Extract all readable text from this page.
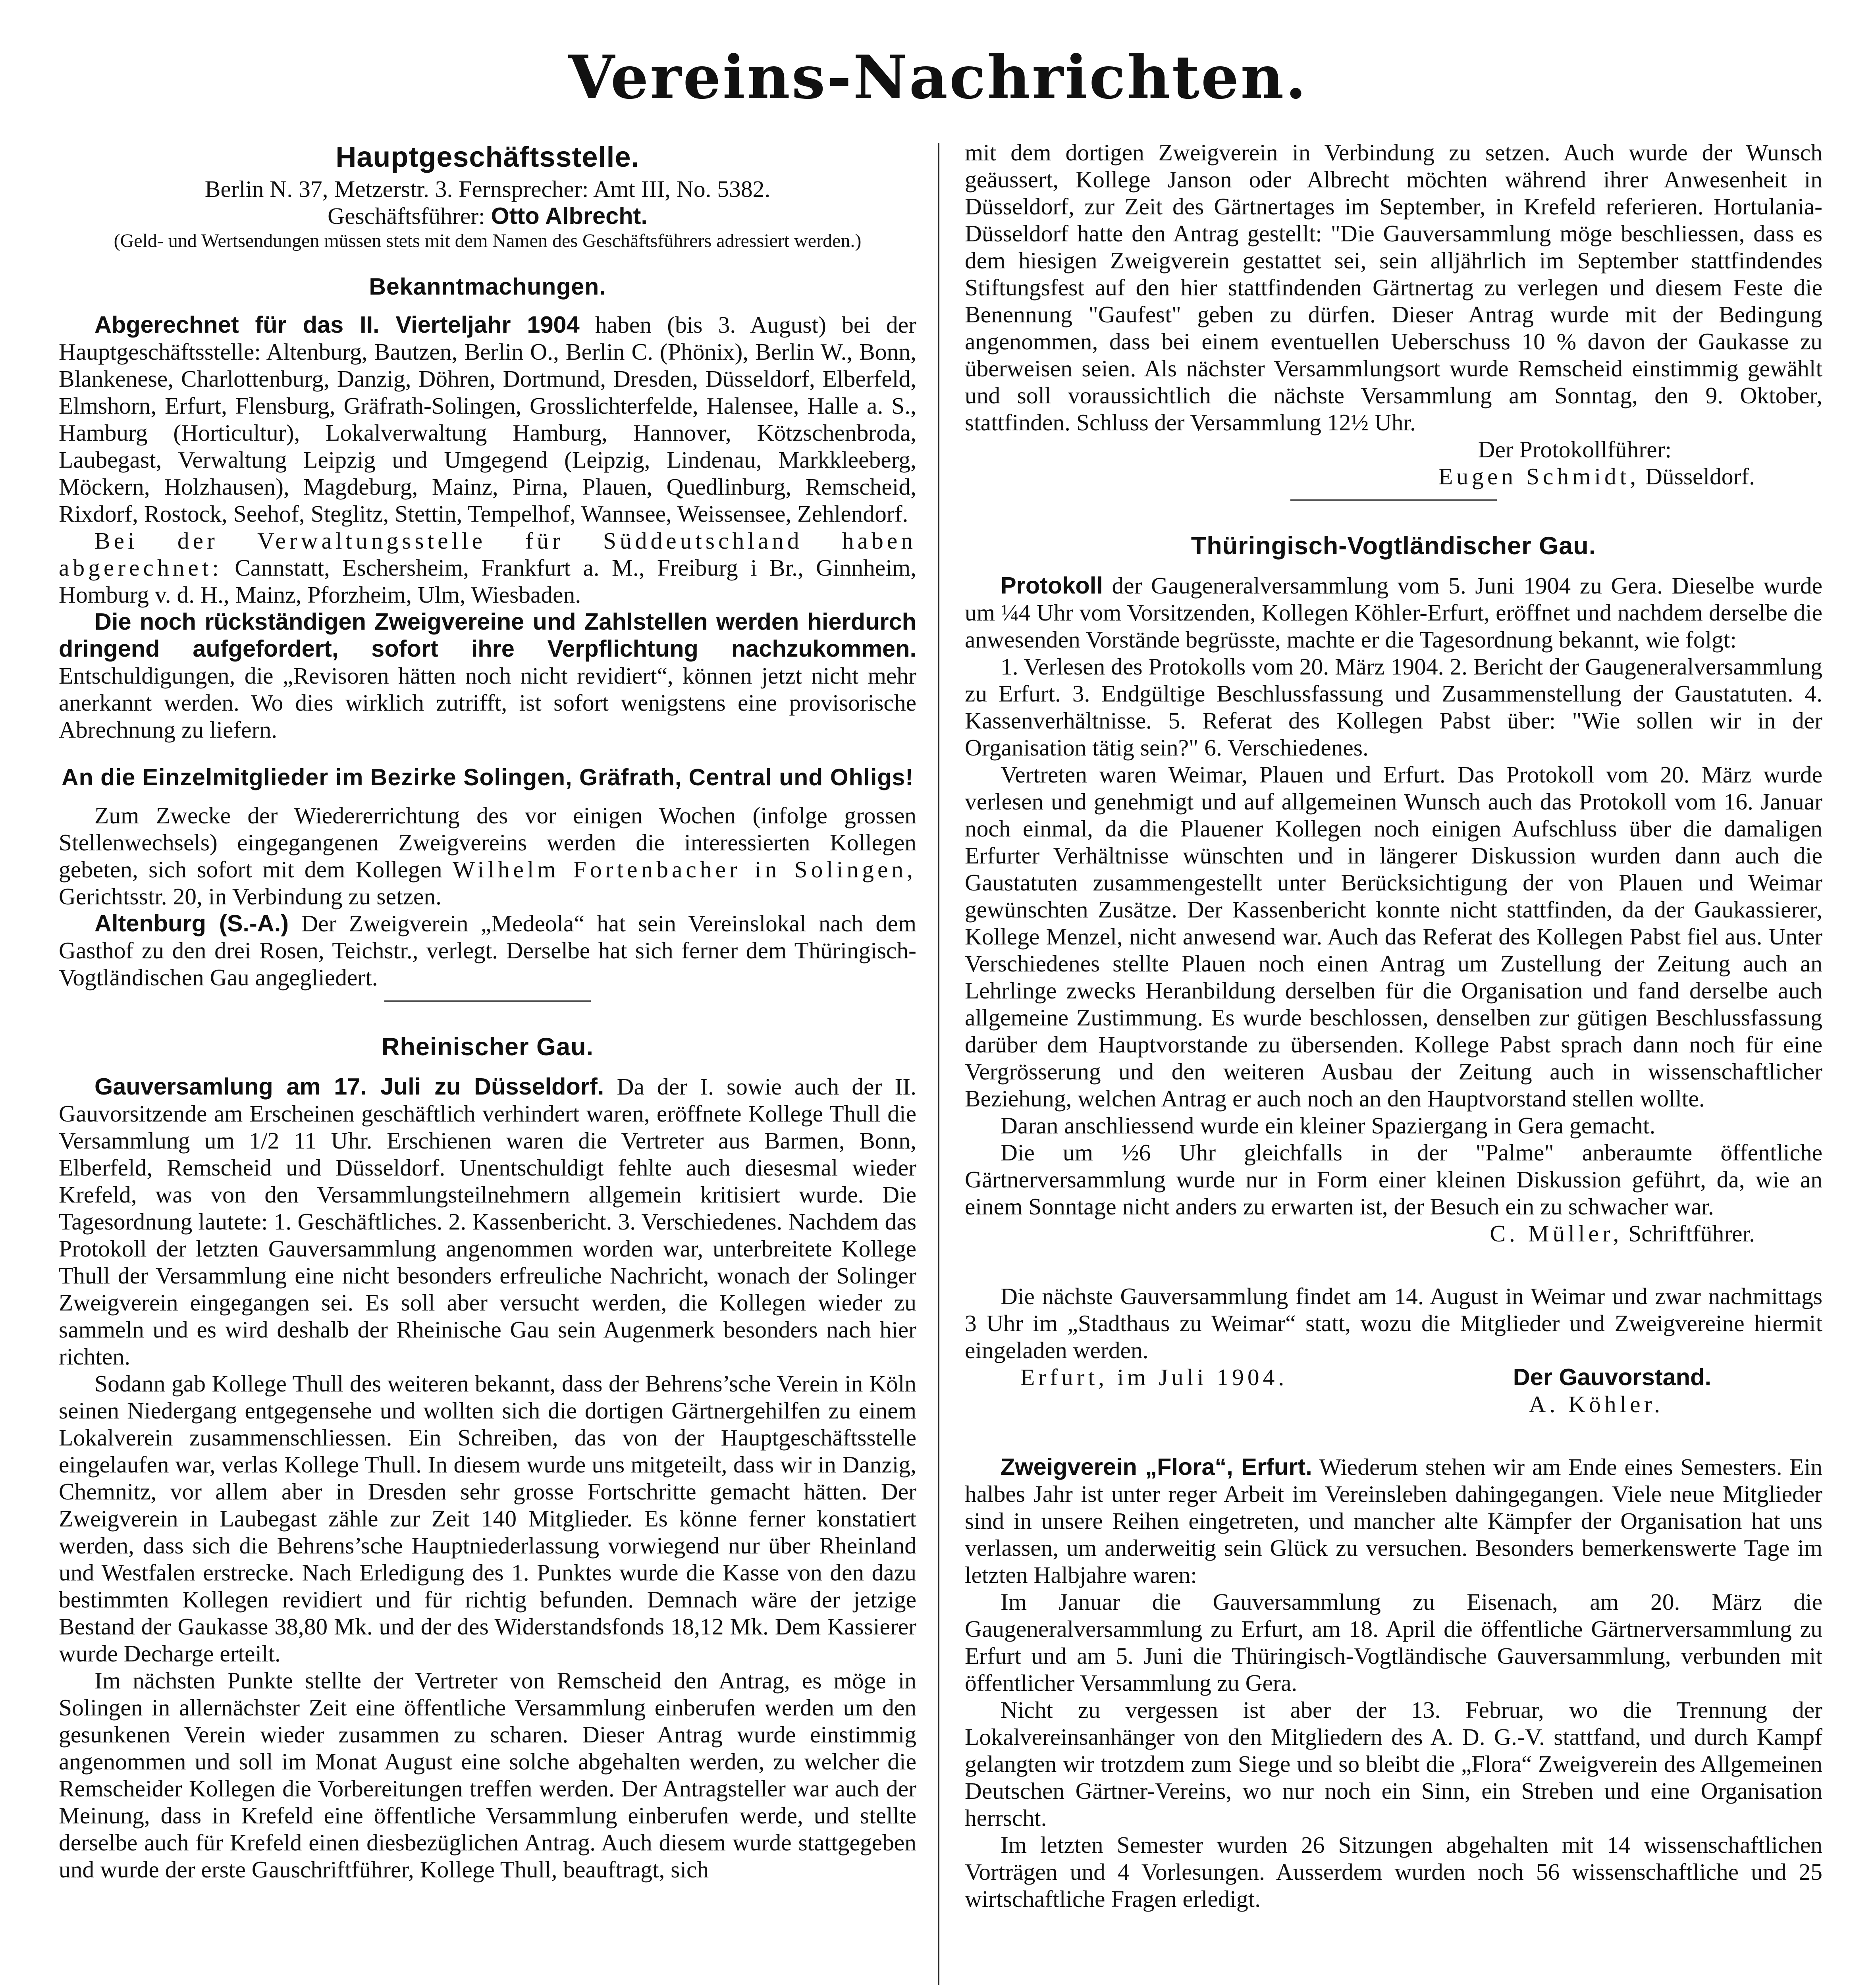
Vereins-Nachrichten.
Hauptgeschäftsstelle.

Berlin N. 37, Metzerstr. 3. Fernsprecher: Amt III, No. 5382.

Geschäftsführer: Otto Albrecht.

(Geld- und Wertsendungen müssen stets mit dem Namen des Geschäftsführers adressiert werden.)

Bekanntmachungen.

Abgerechnet für das II. Vierteljahr 1904 haben (bis 3. August) bei der Hauptgeschäftsstelle: Altenburg, Bautzen, Berlin O., Berlin C. (Phönix), Berlin W., Bonn, Blankenese, Charlottenburg, Danzig, Döhren, Dortmund, Dresden, Düsseldorf, Elberfeld, Elmshorn, Erfurt, Flensburg, Gräfrath-Solingen, Grosslichterfelde, Halensee, Halle a. S., Hamburg (Horticultur), Lokalverwaltung Hamburg, Hannover, Kötzschenbroda, Laubegast, Verwaltung Leipzig und Umgegend (Leipzig, Lindenau, Markkleeberg, Möckern, Holzhausen), Magdeburg, Mainz, Pirna, Plauen, Quedlinburg, Remscheid, Rixdorf, Rostock, Seehof, Steglitz, Stettin, Tempelhof, Wannsee, Weissensee, Zehlendorf.

Bei der Verwaltungsstelle für Süddeutschland haben abgerechnet: Cannstatt, Eschersheim, Frankfurt a. M., Freiburg i Br., Ginnheim, Homburg v. d. H., Mainz, Pforzheim, Ulm, Wiesbaden.

Die noch rückständigen Zweigvereine und Zahlstellen werden hierdurch dringend aufgefordert, sofort ihre Verpflichtung nachzukommen. Entschuldigungen, die „Revisoren hätten noch nicht revidiert“, können jetzt nicht mehr anerkannt werden. Wo dies wirklich zutrifft, ist sofort wenigstens eine provisorische Abrechnung zu liefern.

An die Einzelmitglieder im Bezirke Solingen, Gräfrath, Central und Ohligs!

Zum Zwecke der Wiedererrichtung des vor einigen Wochen (infolge grossen Stellenwechsels) eingegangenen Zweigvereins werden die interessierten Kollegen gebeten, sich sofort mit dem Kollegen Wilhelm Fortenbacher in Solingen, Gerichtsstr. 20, in Verbindung zu setzen.

Altenburg (S.-A.) Der Zweigverein „Medeola“ hat sein Vereinslokal nach dem Gasthof zu den drei Rosen, Teichstr., verlegt. Derselbe hat sich ferner dem Thüringisch-Vogtländischen Gau angegliedert.

Rheinischer Gau.

Gauversamlung am 17. Juli zu Düsseldorf. Da der I. sowie auch der II. Gauvorsitzende am Erscheinen geschäftlich verhindert waren, eröffnete Kollege Thull die Versammlung um 1/2 11 Uhr. Erschienen waren die Vertreter aus Barmen, Bonn, Elberfeld, Remscheid und Düsseldorf. Unentschuldigt fehlte auch diesesmal wieder Krefeld, was von den Versammlungsteilnehmern allgemein kritisiert wurde. Die Tagesordnung lautete: 1. Geschäftliches. 2. Kassenbericht. 3. Verschiedenes. Nachdem das Protokoll der letzten Gauversammlung angenommen worden war, unterbreitete Kollege Thull der Versammlung eine nicht besonders erfreuliche Nachricht, wonach der Solinger Zweigverein eingegangen sei. Es soll aber versucht werden, die Kollegen wieder zu sammeln und es wird deshalb der Rheinische Gau sein Augenmerk besonders nach hier richten.

Sodann gab Kollege Thull des weiteren bekannt, dass der Behrens’sche Verein in Köln seinen Niedergang entgegensehe und wollten sich die dortigen Gärtnergehilfen zu einem Lokalverein zusammenschliessen. Ein Schreiben, das von der Hauptgeschäftsstelle eingelaufen war, verlas Kollege Thull. In diesem wurde uns mitgeteilt, dass wir in Danzig, Chemnitz, vor allem aber in Dresden sehr grosse Fortschritte gemacht hätten. Der Zweigverein in Laubegast zähle zur Zeit 140 Mitglieder. Es könne ferner konstatiert werden, dass sich die Behrens’sche Hauptniederlassung vorwiegend nur über Rheinland und Westfalen erstrecke. Nach Erledigung des 1. Punktes wurde die Kasse von den dazu bestimmten Kollegen revidiert und für richtig befunden. Demnach wäre der jetzige Bestand der Gaukasse 38,80 Mk. und der des Widerstandsfonds 18,12 Mk. Dem Kassierer wurde Decharge erteilt.

Im nächsten Punkte stellte der Vertreter von Remscheid den Antrag, es möge in Solingen in allernächster Zeit eine öffentliche Versammlung einberufen werden um den gesunkenen Verein wieder zusammen zu scharen. Dieser Antrag wurde einstimmig angenommen und soll im Monat August eine solche abgehalten werden, zu welcher die Remscheider Kollegen die Vorbereitungen treffen werden. Der Antragsteller war auch der Meinung, dass in Krefeld eine öffentliche Versammlung einberufen werde, und stellte derselbe auch für Krefeld einen diesbezüglichen Antrag. Auch diesem wurde stattgegeben und wurde der erste Gauschriftführer, Kollege Thull, beauftragt, sich

mit dem dortigen Zweigverein in Verbindung zu setzen. Auch wurde der Wunsch geäussert, Kollege Janson oder Albrecht möchten während ihrer Anwesenheit in Düsseldorf, zur Zeit des Gärtnertages im September, in Krefeld referieren. Hortulania-Düsseldorf hatte den Antrag gestellt: "Die Gauversammlung möge beschliessen, dass es dem hiesigen Zweigverein gestattet sei, sein alljährlich im September stattfindendes Stiftungsfest auf den hier stattfindenden Gärtnertag zu verlegen und diesem Feste die Benennung "Gaufest" geben zu dürfen. Dieser Antrag wurde mit der Bedingung angenommen, dass bei einem eventuellen Ueberschuss 10 % davon der Gaukasse zu überweisen seien. Als nächster Versammlungsort wurde Remscheid einstimmig gewählt und soll voraussichtlich die nächste Versammlung am Sonntag, den 9. Oktober, stattfinden. Schluss der Versammlung 12½ Uhr.

Der Protokollführer:

Eugen Schmidt, Düsseldorf.

Thüringisch-Vogtländischer Gau.

Protokoll der Gaugeneralversammlung vom 5. Juni 1904 zu Gera. Dieselbe wurde um ¼4 Uhr vom Vorsitzenden, Kollegen Köhler-Erfurt, eröffnet und nachdem derselbe die anwesenden Vorstände begrüsste, machte er die Tagesordnung bekannt, wie folgt:

1. Verlesen des Protokolls vom 20. März 1904. 2. Bericht der Gaugeneralversammlung zu Erfurt. 3. Endgültige Beschlussfassung und Zusammenstellung der Gaustatuten. 4. Kassenverhältnisse. 5. Referat des Kollegen Pabst über: "Wie sollen wir in der Organisation tätig sein?" 6. Verschiedenes.

Vertreten waren Weimar, Plauen und Erfurt. Das Protokoll vom 20. März wurde verlesen und genehmigt und auf allgemeinen Wunsch auch das Protokoll vom 16. Januar noch einmal, da die Plauener Kollegen noch einigen Aufschluss über die damaligen Erfurter Verhältnisse wünschten und in längerer Diskussion wurden dann auch die Gaustatuten zusammengestellt unter Berücksichtigung der von Plauen und Weimar gewünschten Zusätze. Der Kassenbericht konnte nicht stattfinden, da der Gaukassierer, Kollege Menzel, nicht anwesend war. Auch das Referat des Kollegen Pabst fiel aus. Unter Verschiedenes stellte Plauen noch einen Antrag um Zustellung der Zeitung auch an Lehrlinge zwecks Heranbildung derselben für die Organisation und fand derselbe auch allgemeine Zustimmung. Es wurde beschlossen, denselben zur gütigen Beschlussfassung darüber dem Hauptvorstande zu übersenden. Kollege Pabst sprach dann noch für eine Vergrösserung und den weiteren Ausbau der Zeitung auch in wissenschaftlicher Beziehung, welchen Antrag er auch noch an den Hauptvorstand stellen wollte.

Daran anschliessend wurde ein kleiner Spaziergang in Gera gemacht.

Die um ½6 Uhr gleichfalls in der "Palme" anberaumte öffentliche Gärtnerversammlung wurde nur in Form einer kleinen Diskussion geführt, da, wie an einem Sonntage nicht anders zu erwarten ist, der Besuch ein zu schwacher war.

C. Müller, Schriftführer.

Die nächste Gauversammlung findet am 14. August in Weimar und zwar nachmittags 3 Uhr im „Stadthaus zu Weimar“ statt, wozu die Mitglieder und Zweigvereine hiermit eingeladen werden.

Erfurt, im Juli 1904.	Der Gauvorstand.

A. Köhler.

Zweigverein „Flora“, Erfurt. Wiederum stehen wir am Ende eines Semesters. Ein halbes Jahr ist unter reger Arbeit im Vereinsleben dahingegangen. Viele neue Mitglieder sind in unsere Reihen eingetreten, und mancher alte Kämpfer der Organisation hat uns verlassen, um anderweitig sein Glück zu versuchen. Besonders bemerkenswerte Tage im letzten Halbjahre waren:

Im Januar die Gauversammlung zu Eisenach, am 20. März die Gaugeneralversammlung zu Erfurt, am 18. April die öffentliche Gärtnerversammlung zu Erfurt und am 5. Juni die Thüringisch-Vogtländische Gauversammlung, verbunden mit öffentlicher Versammlung zu Gera.

Nicht zu vergessen ist aber der 13. Februar, wo die Trennung der Lokalvereinsanhänger von den Mitgliedern des A. D. G.-V. stattfand, und durch Kampf gelangten wir trotzdem zum Siege und so bleibt die „Flora“ Zweigverein des Allgemeinen Deutschen Gärtner-Vereins, wo nur noch ein Sinn, ein Streben und eine Organisation herrscht.

Im letzten Semester wurden 26 Sitzungen abgehalten mit 14 wissenschaftlichen Vorträgen und 4 Vorlesungen. Ausserdem wurden noch 56 wissenschaftliche und 25 wirtschaftliche Fragen erledigt.
